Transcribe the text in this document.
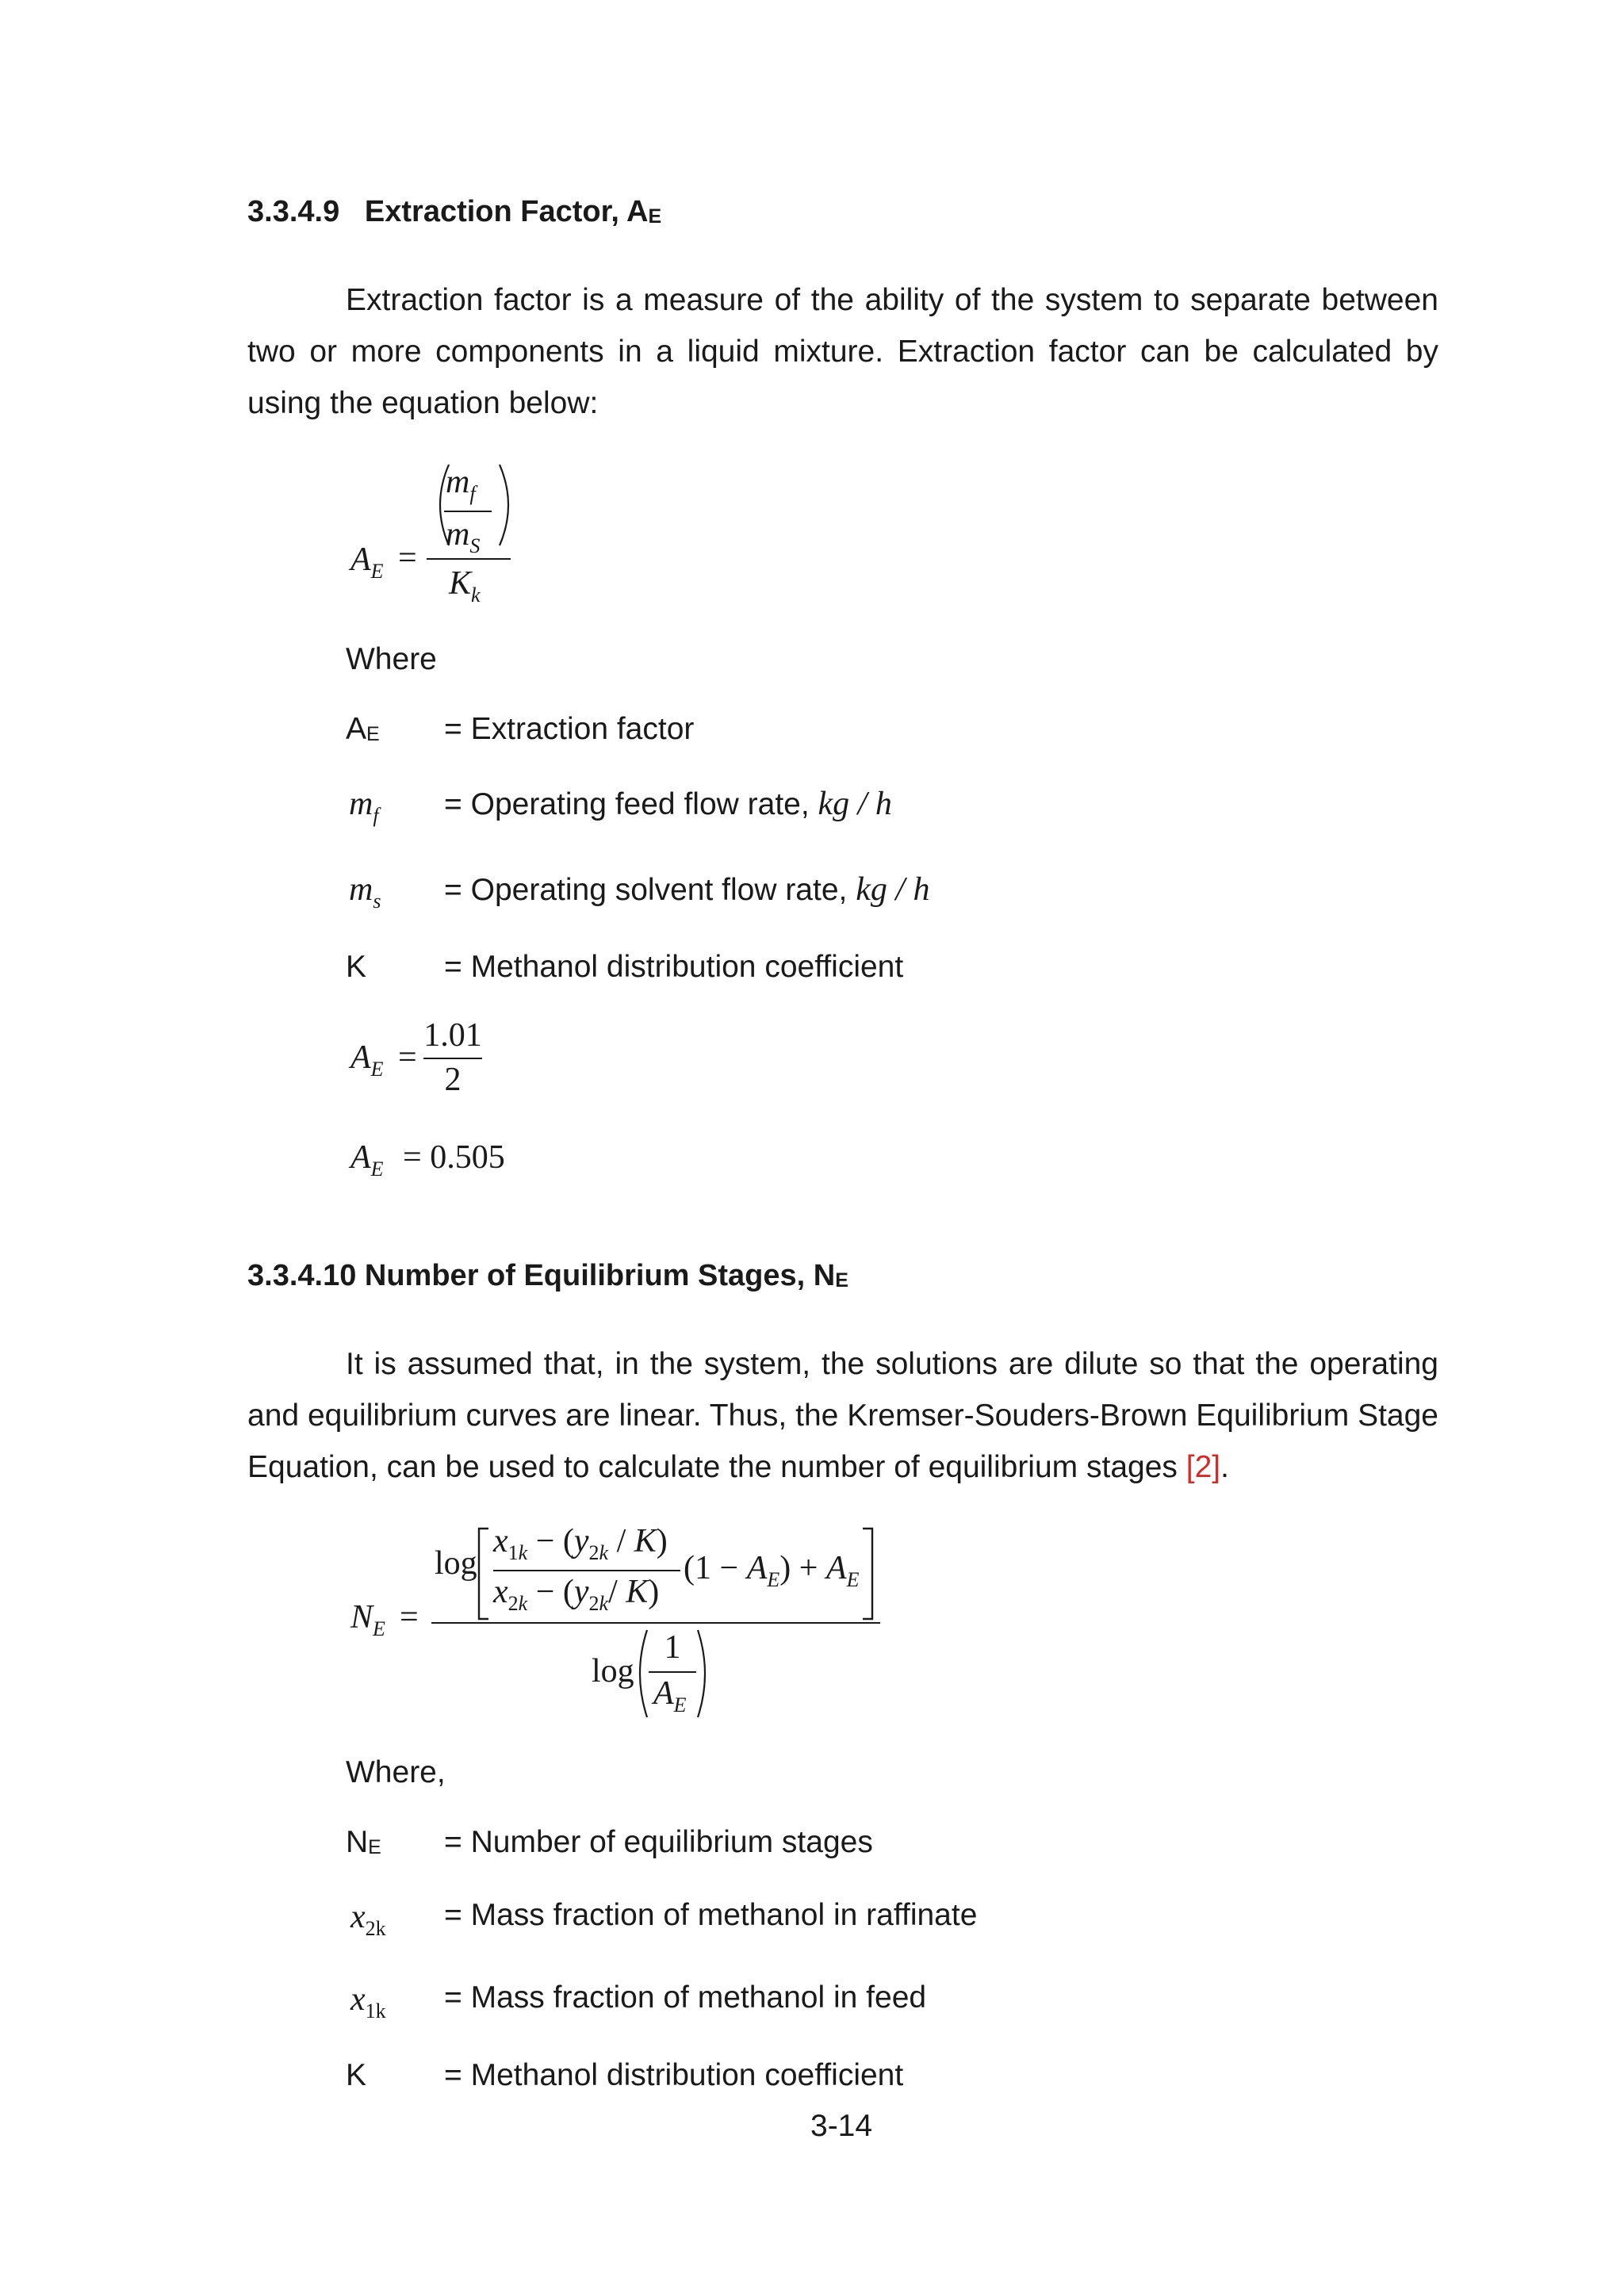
3.3.4.9 Extraction Factor, $A_E$
Extraction factor is a measure of the ability of the system to separate between two or more components in a liquid mixture. Extraction factor can be calculated by using the equation below:
$A_E$ =
$m_f$
$m_S$
$K_k$
Where
$A_E$ = Extraction factor
$m_f$ = Operating feed flow rate, kg / h
$m_s$ = Operating solvent flow rate, kg / h
K	= Methanol distribution coefficient
$A_E$ =
1.01
2
$A_E = 0.505$
3.3.4.10 Number of Equilibrium Stages, $N_E$
It is assumed that, in the system, the solutions are dilute so that the operating and equilibrium curves are linear. Thus, the Kremser-Souders-Brown Equilibrium Stage Equation, can be used to calculate the number of equilibrium stages [2].
$N_E$ =
log
$x_{1k} - (y_{2k} / K)$
$x_{2k} - (y_{2k}/$ K)
$(1 - A_E) + A_E$
log
1
$A_E$
Where,
$N_E$ = Number of equilibrium stages
$x_{2k}$ = Mass fraction of methanol in raffinate
$x_{1k}$ = Mass fraction of methanol in feed
K	= Methanol distribution coefficient
3-14
